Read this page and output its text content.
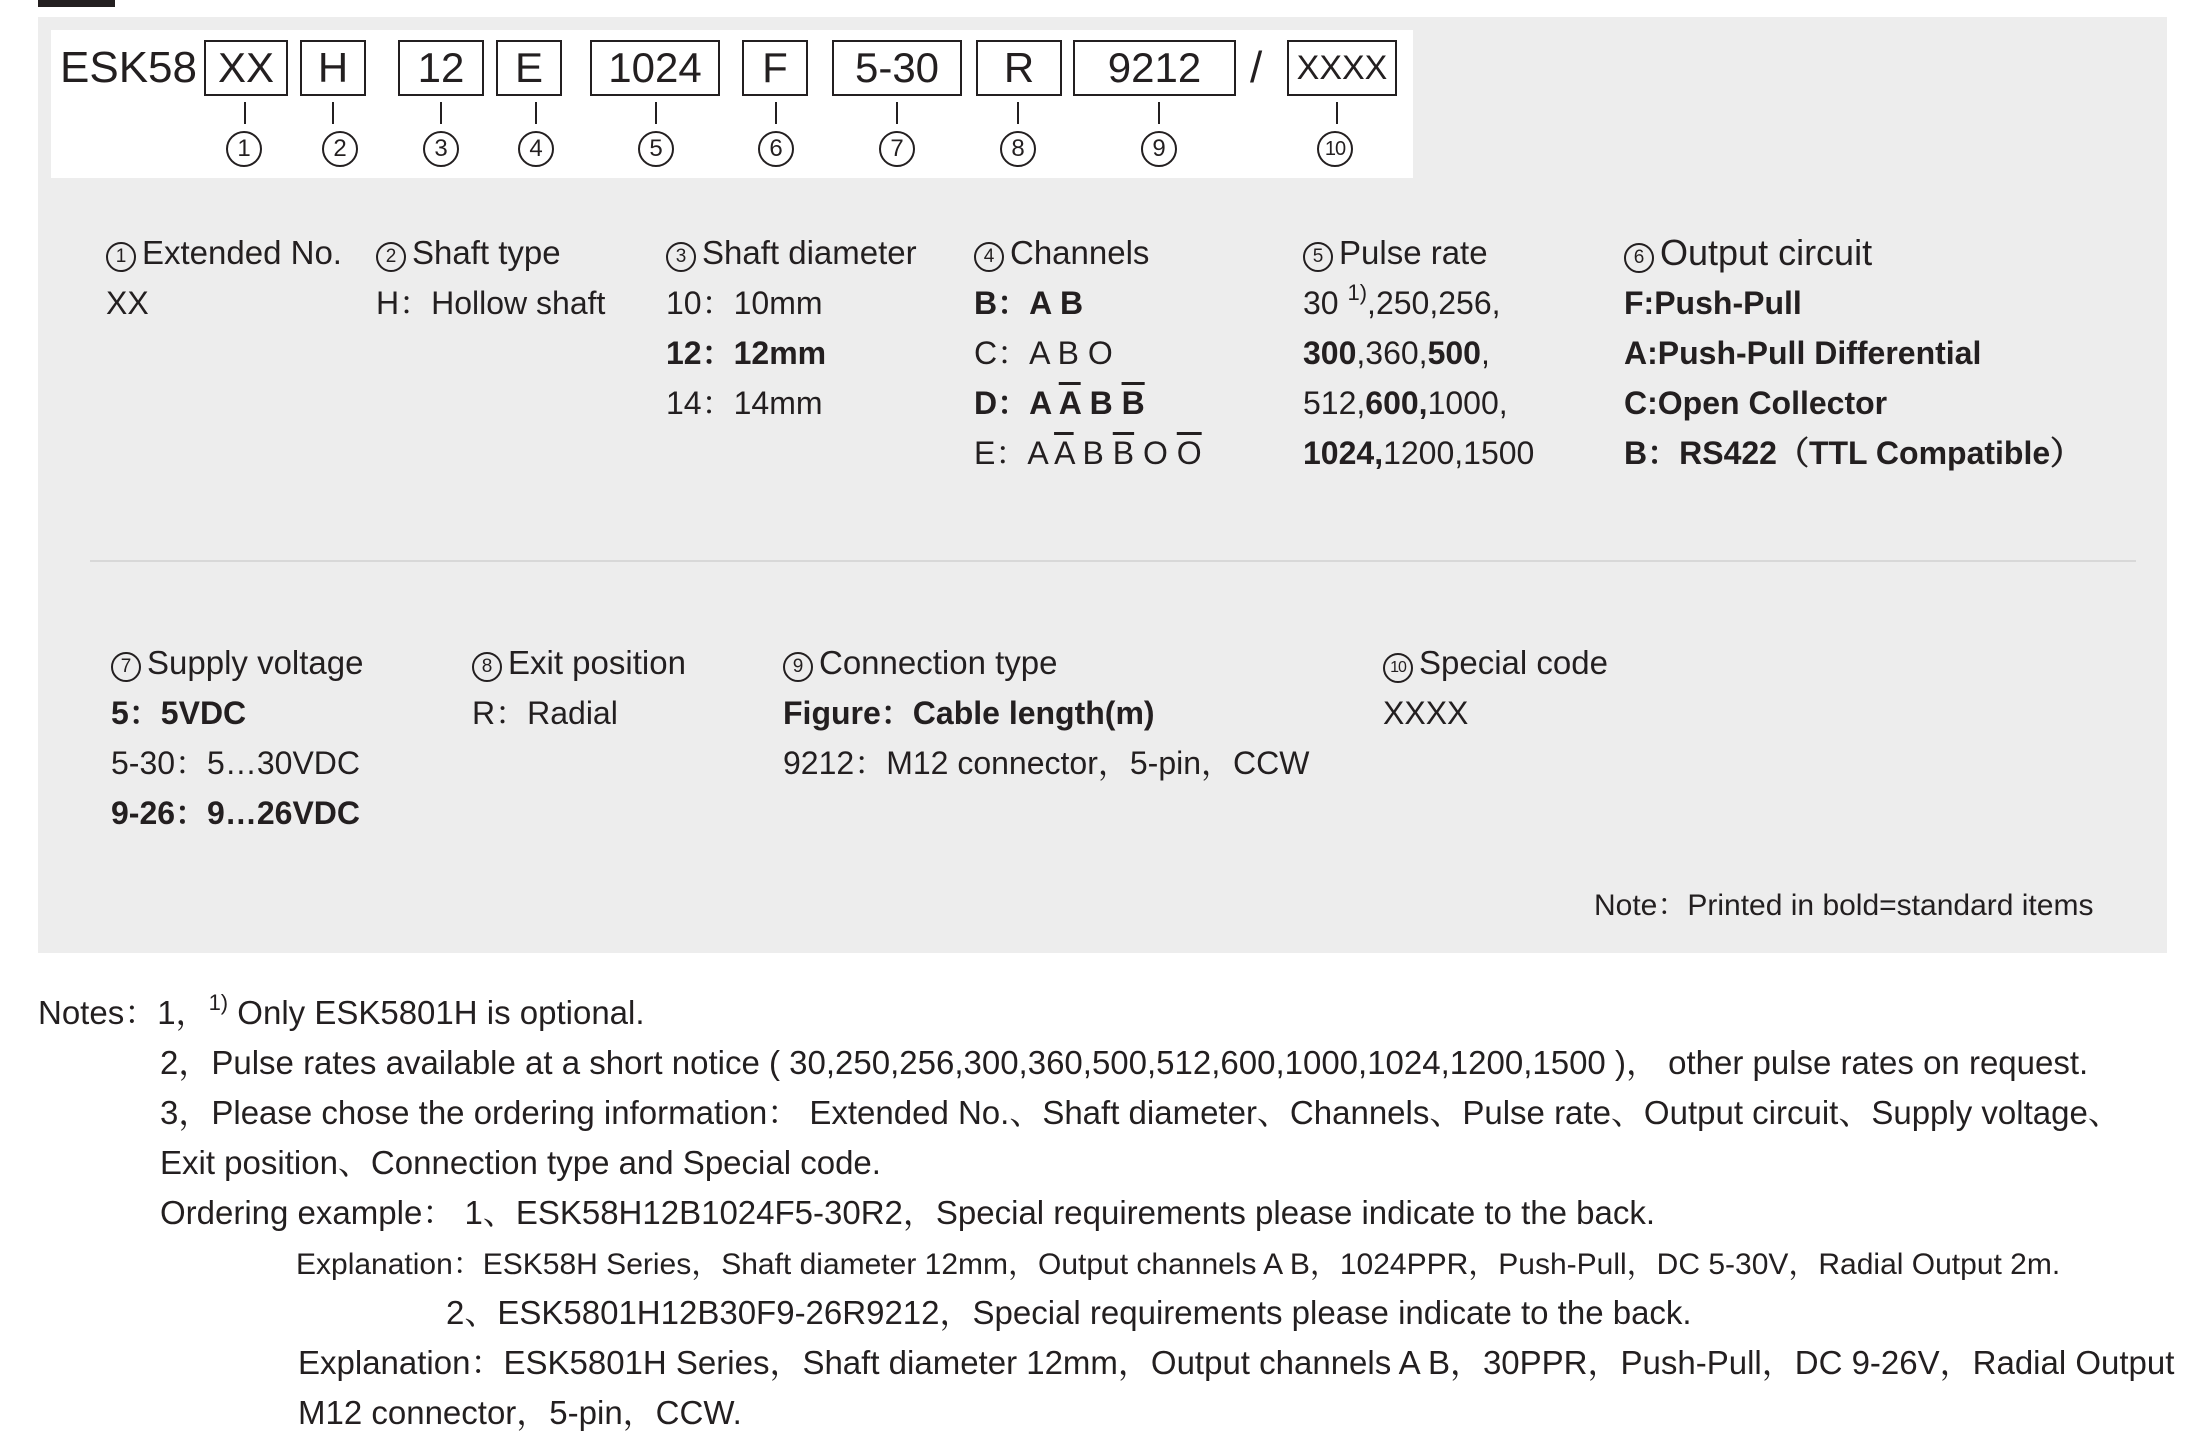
ESK58 XX	H	12	E	1024	F	5-30	R	9212	/ XXXX
1	2	3	4	5	6	7	8	9	10
1 Extended No.
XX
2 Shaft type
H：Hollow shaft
3 Shaft diameter
10：10mm
12：12mm
14：14mm
4 Channels
B：A B
C：A B O
D：A $\overline{A}$ B $\overline{B}$
E：A $\overline{A}$ B $\overline{B}$ O $\overline{O}$
5 Pulse rate
30 $^{1)}$,250,256,
300,360,500,
512,600,1000,
1024,1200,1500
6 Output circuit
F:Push-Pull
A:Push-Pull Differential
C:Open Collector
B：RS422（TTL Compatible）
7 Supply voltage
5：5VDC
5-30：5…30VDC
9-26：9…26VDC
8 Exit position
R：Radial
9 Connection type
Figure：Cable length(m)
9212：M12 connector，5-pin，CCW
10 Special code
XXXX
Note：Printed in bold=standard items
Notes：1，$^{1)}$ Only ESK5801H is optional.
2，Pulse rates available at a short notice ( 30,250,256,300,360,500,512,600,1000,1024,1200,1500 )， other pulse rates on request.
3，Please chose the ordering information： Extended No.、Shaft diameter、Channels、Pulse rate、Output circuit、Supply voltage、
Exit position、Connection type and Special code.
Ordering example： 1、ESK58H12B1024F5-30R2，Special requirements please indicate to the back.
Explanation：ESK58H Series，Shaft diameter 12mm，Output channels A B，1024PPR，Push-Pull，DC 5-30V，Radial Output 2m.
2、ESK5801H12B30F9-26R9212，Special requirements please indicate to the back.
Explanation：ESK5801H Series，Shaft diameter 12mm，Output channels A B，30PPR，Push-Pull，DC 9-26V，Radial Output
M12 connector，5-pin，CCW.
